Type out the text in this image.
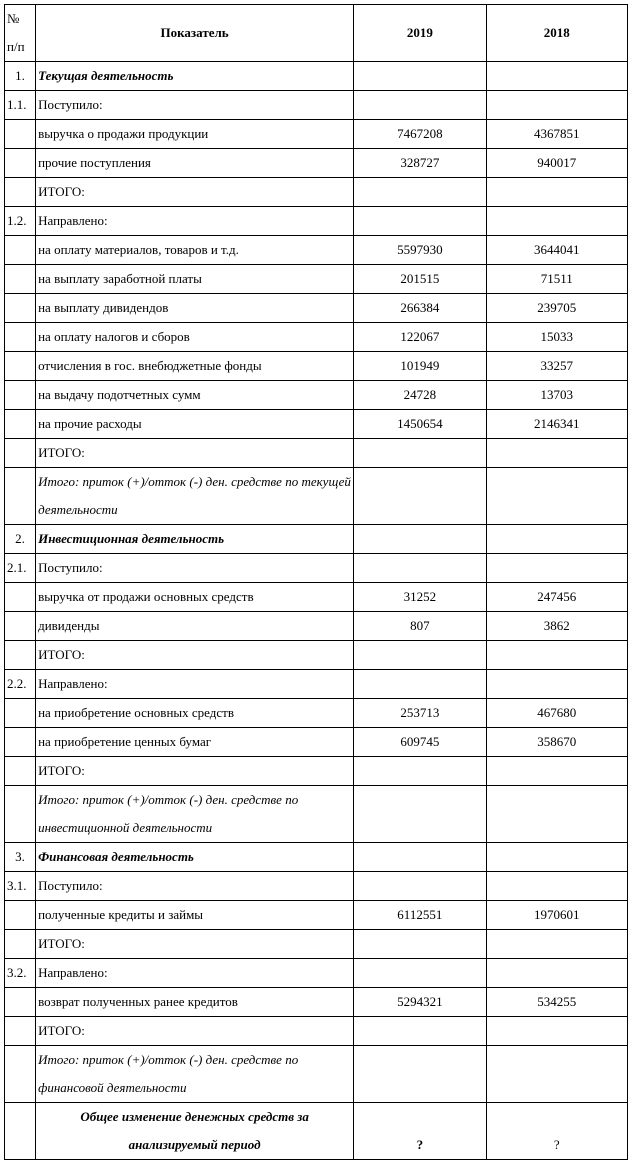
№ п/п	Показатель	2019	2018
1.	Текущая деятельность		
1.1.	Поступило:		
	выручка о продажи продукции	7467208	4367851
	прочие поступления	328727	940017
	ИТОГО:		
1.2.	Направлено:		
	на оплату материалов, товаров и т.д.	5597930	3644041
	на выплату заработной платы	201515	71511
	на выплату дивидендов	266384	239705
	на оплату налогов и сборов	122067	15033
	отчисления в гос. внебюджетные фонды	101949	33257
	на выдачу подотчетных сумм	24728	13703
	на прочие расходы	1450654	2146341
	ИТОГО:		
	Итого: приток (+)/отток (-) ден. средстве по текущей деятельности		
2.	Инвестиционная деятельность		
2.1.	Поступило:		
	выручка от продажи основных средств	31252	247456
	дивиденды	807	3862
	ИТОГО:		
2.2.	Направлено:		
	на приобретение основных средств	253713	467680
	на приобретение ценных бумаг	609745	358670
	ИТОГО:		
	Итого: приток (+)/отток (-) ден. средстве по инвестиционной деятельности		
3.	Финансовая деятельность		
3.1.	Поступило:		
	полученные кредиты и займы	6112551	1970601
	ИТОГО:		
3.2.	Направлено:		
	возврат полученных ранее кредитов	5294321	534255
	ИТОГО:		
	Итого: приток (+)/отток (-) ден. средстве по финансовой деятельности		
	Общее изменение денежных средств за анализируемый период	?	?
